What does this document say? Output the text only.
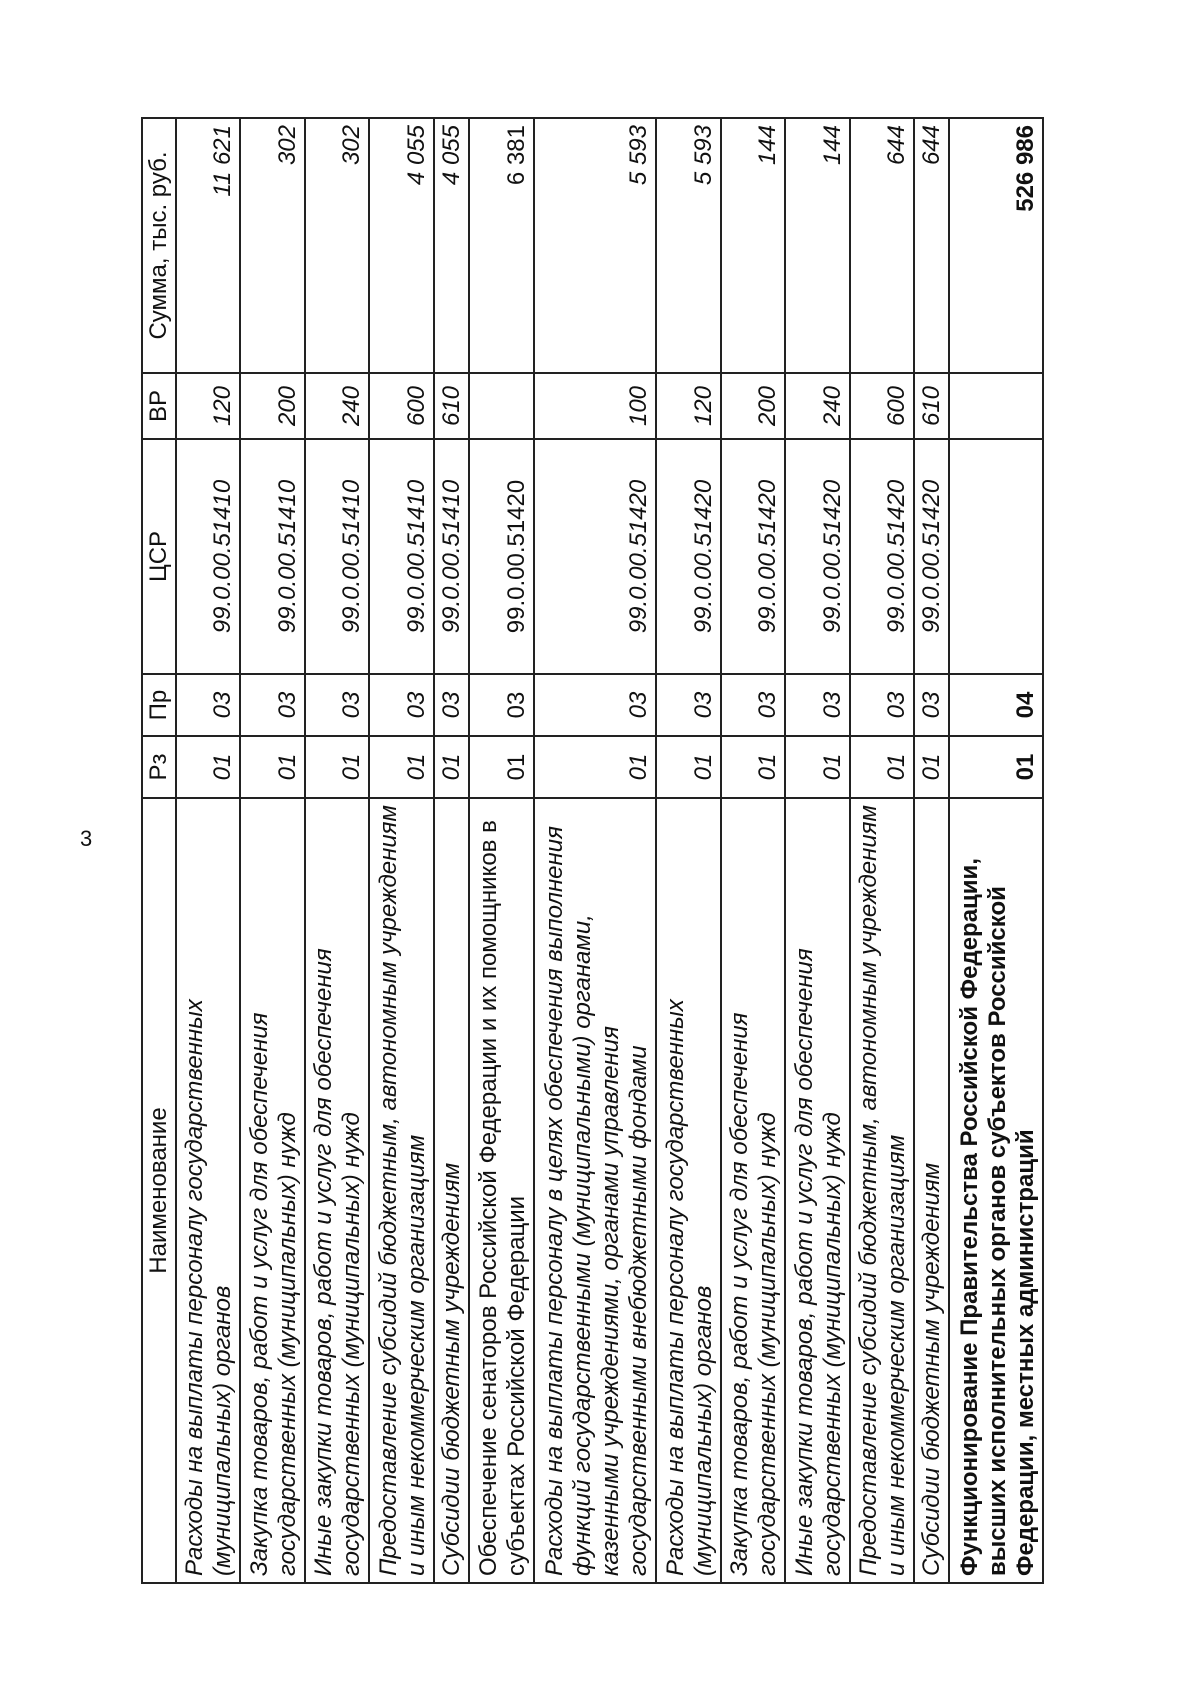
3
Наименование	Рз	Пр	ЦСР	ВР	Сумма, тыс. руб.
Расходы на выплаты персоналу государственных (муниципальных) органов	01	03	99.0.00.51410	120	11 621
Закупка товаров, работ и услуг для обеспечения государственных (муниципальных) нужд	01	03	99.0.00.51410	200	302
Иные закупки товаров, работ и услуг для обеспечения государственных (муниципальных) нужд	01	03	99.0.00.51410	240	302
Предоставление субсидий бюджетным, автономным учреждениям и иным некоммерческим организациям	01	03	99.0.00.51410	600	4 055
Субсидии бюджетным учреждениям	01	03	99.0.00.51410	610	4 055
Обеспечение сенаторов Российской Федерации и их помощников в субъектах Российской Федерации	01	03	99.0.00.51420		6 381
Расходы на выплаты персоналу в целях обеспечения выполнения функций государственными (муниципальными) органами, казенными учреждениями, органами управления государственными внебюджетными фондами	01	03	99.0.00.51420	100	5 593
Расходы на выплаты персоналу государственных (муниципальных) органов	01	03	99.0.00.51420	120	5 593
Закупка товаров, работ и услуг для обеспечения государственных (муниципальных) нужд	01	03	99.0.00.51420	200	144
Иные закупки товаров, работ и услуг для обеспечения государственных (муниципальных) нужд	01	03	99.0.00.51420	240	144
Предоставление субсидий бюджетным, автономным учреждениям и иным некоммерческим организациям	01	03	99.0.00.51420	600	644
Субсидии бюджетным учреждениям	01	03	99.0.00.51420	610	644
Функционирование Правительства Российской Федерации, высших исполнительных органов субъектов Российской Федерации, местных администраций	01	04			526 986
